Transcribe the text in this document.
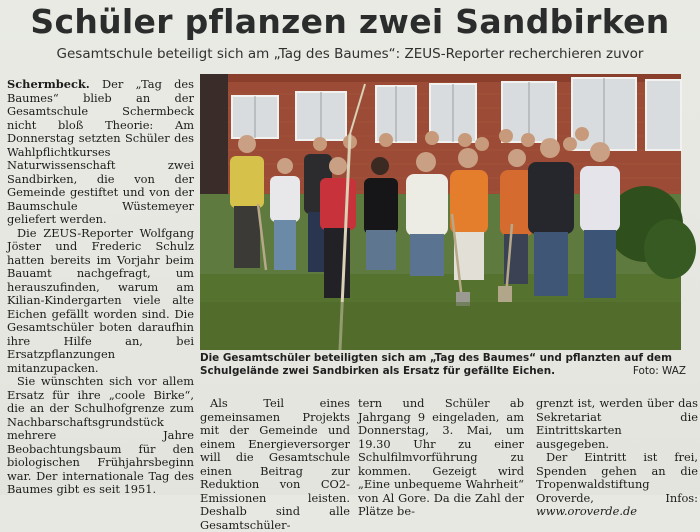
Schüler pflanzen zwei Sandbirken
Gesamtschule beteiligt sich am „Tag des Baumes“: ZEUS-Reporter recherchieren zuvor

Schermbeck. Der „Tag des Baumes“ blieb an der Gesamtschule Schermbeck nicht bloß Theorie: Am Donnerstag setzten Schüler des Wahlpflichtkurses Naturwissenschaft zwei Sandbirken, die von der Gemeinde gestiftet und von der Baumschule Wüstemeyer geliefert werden.

Die ZEUS-Reporter Wolfgang Jöster und Frederic Schulz hatten bereits im Vorjahr beim Bauamt nachgefragt, um herauszufinden, warum am Kilian-Kindergarten viele alte Eichen gefällt worden sind. Die Gesamtschüler boten daraufhin ihre Hilfe an, bei Ersatzpflanzungen mitanzupacken.

Sie wünschten sich vor allem Ersatz für ihre „coole Birke“, die an der Schulhofgrenze zum Nachbarschaftsgrundstück mehrere Jahre Beobachtungsbaum für den biologischen Frühjahrsbeginn war. Der internationale Tag des Baumes gibt es seit 1951.

Die Gesamtschüler beteiligten sich am „Tag des Baumes“ und pflanzten auf dem Schulgelände zwei Sandbirken als Ersatz für gefällte Eichen.	Foto: WAZ

Als Teil eines gemeinsamen Projekts mit der Gemeinde und einem Energieversorger will die Gesamtschule einen Beitrag zur Reduktion von CO2-Emissionen leisten. Deshalb sind alle Gesamtschüler-

tern und Schüler ab Jahrgang 9 eingeladen, am Donnerstag, 3. Mai, um 19.30 Uhr zu einer Schulfilmvorführung zu kommen. Gezeigt wird „Eine unbequeme Wahrheit“ von Al Gore. Da die Zahl der Plätze be-

grenzt ist, werden über das Sekretariat die Eintrittskarten ausgegeben.

Der Eintritt ist frei, Spenden gehen an die Tropenwaldstiftung Oroverde, Infos: www.oroverde.de
